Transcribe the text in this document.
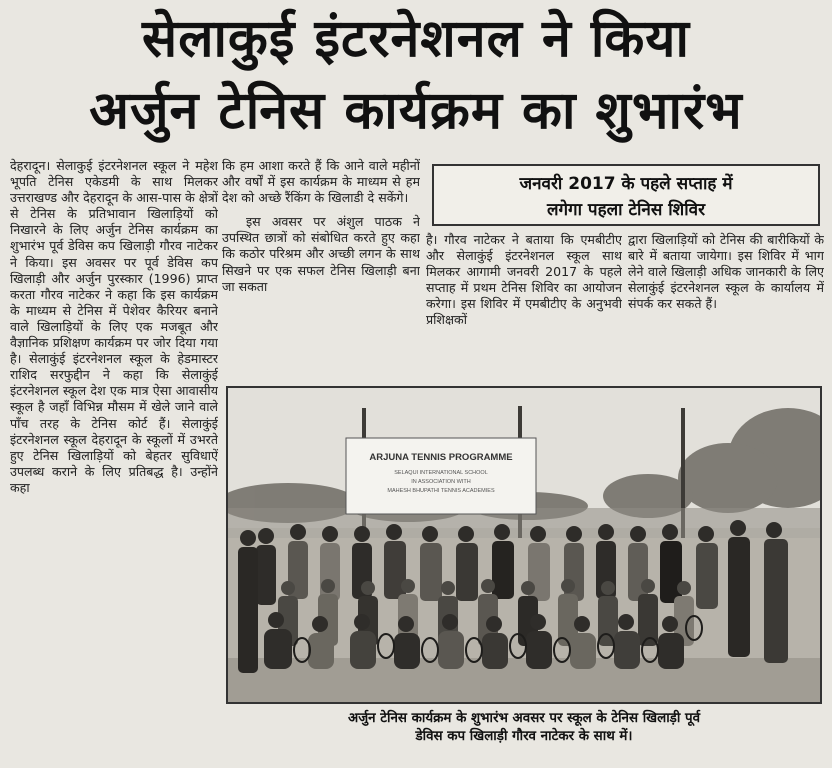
सेलाकुई इंटरनेशनल ने किया
अर्जुन टेनिस कार्यक्रम का शुभारंभ

देहरादून। सेलाकुई इंटरनेशनल स्कूल ने महेश भूपति टेनिस एकेडमी के साथ मिलकर उत्तराखण्ड और देहरादून के आस-पास के क्षेत्रों से टेनिस के प्रतिभावान खिलाड़ियों को निखारने के लिए अर्जुन टेनिस कार्यक्रम का शुभारंभ पूर्व डेविस कप खिलाड़ी गौरव नाटेकर ने किया। इस अवसर पर पूर्व डेविस कप खिलाड़ी और अर्जुन पुरस्कार (1996) प्राप्त करता गौरव नाटेकर ने कहा कि इस कार्यक्रम के माध्यम से टेनिस में पेशेवर कैरियर बनाने वाले खिलाड़ियों के लिए एक मजबूत और वैज्ञानिक प्रशिक्षण कार्यक्रम पर जोर दिया गया है। सेलाकुंई इंटरनेशनल स्कूल के हेडमास्टर राशिद सरफुद्दीन ने कहा कि सेलाकुंई इंटरनेशनल स्कूल देश एक मात्र ऐसा आवासीय स्कूल है जहाँ विभिन्न मौसम में खेले जाने वाले पाँच तरह के टेनिस कोर्ट हैं। सेलाकुंई इंटरनेशनल स्कूल देहरादून के स्कूलों में उभरते हुए टेनिस खिलाड़ियों को बेहतर सुविधाऐं उपलब्ध कराने के लिए प्रतिबद्ध है। उन्होंने कहा

कि हम आशा करते हैं कि आने वाले महीनों और वर्षों में इस कार्यक्रम के माध्यम से हम देश को अच्छे रैंकिंग के खिलाडी दे सकेंगे।

इस अवसर पर अंशुल पाठक ने उपस्थित छात्रों को संबोधित करते हुए कहा कि कठोर परिश्रम और अच्छी लगन के साथ सिखने पर एक सफल टेनिस खिलाड़ी बना जा सकता

जनवरी 2017 के पहले सप्ताह में
लगेगा पहला टेनिस शिविर

है। गौरव नाटेकर ने बताया कि एमबीटीए और सेलाकुंई इंटरनेशनल स्कूल साथ मिलकर आगामी जनवरी 2017 के पहले सप्ताह में प्रथम टेनिस शिविर का आयोजन करेगा। इस शिविर में एमबीटीए के अनुभवी प्रशिक्षकों

द्वारा खिलाड़ियों को टेनिस की बारीकियों के बारे में बताया जायेगा। इस शिविर में भाग लेने वाले खिलाड़ी अधिक जानकारी के लिए सेलाकुंई इंटरनेशनल स्कूल के कार्यालय में संपर्क कर सकते हैं।

ARJUNA TENNIS PROGRAMME
SELAQUI INTERNATIONAL SCHOOL
IN ASSOCIATION WITH
MAHESH BHUPATHI TENNIS ACADEMIES
अर्जुन टेनिस कार्यक्रम के शुभारंभ अवसर पर स्कूल के टेनिस खिलाड़ी पूर्व
डेविस कप खिलाड़ी गौरव नाटेकर के साथ में।
